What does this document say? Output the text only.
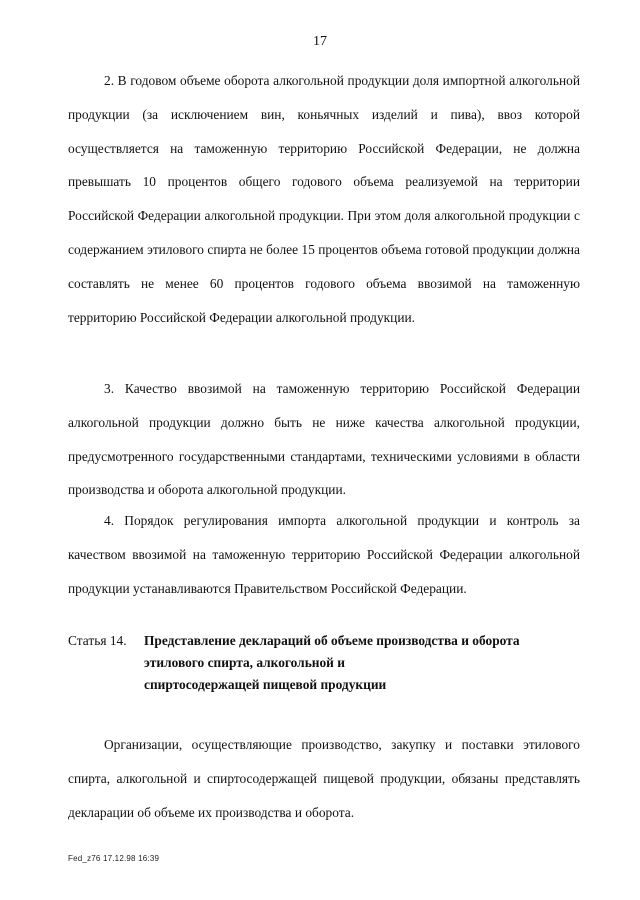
17

2. В годовом объеме оборота алкогольной продукции доля импортной алкогольной продукции (за исключением вин, коньячных изделий и пива), ввоз которой осуществляется на таможенную территорию Российской Федерации, не должна превышать 10 процентов общего годового объема реализуемой на территории Российской Федерации алкогольной продукции. При этом доля алкогольной продукции с содержанием этилового спирта не более 15 процентов объема готовой продукции должна составлять не менее 60 процентов годового объема ввозимой на таможенную территорию Российской Федерации алкогольной продукции.

3. Качество ввозимой на таможенную территорию Российской Федерации алкогольной продукции должно быть не ниже качества алкогольной продукции, предусмотренного государственными стандартами, техническими условиями в области производства и оборота алкогольной продукции.

4. Порядок регулирования импорта алкогольной продукции и контроль за качеством ввозимой на таможенную территорию Российской Федерации алкогольной продукции устанавливаются Правительством Российской Федерации.

Статья 14. Представление деклараций об объеме производства и оборота
этилового спирта, алкогольной и
спиртосодержащей пищевой продукции

Организации, осуществляющие производство, закупку и поставки этилового спирта, алкогольной и спиртосодержащей пищевой продукции, обязаны представлять декларации об объеме их производства и оборота.

Fed_z76 17.12.98 16:39
